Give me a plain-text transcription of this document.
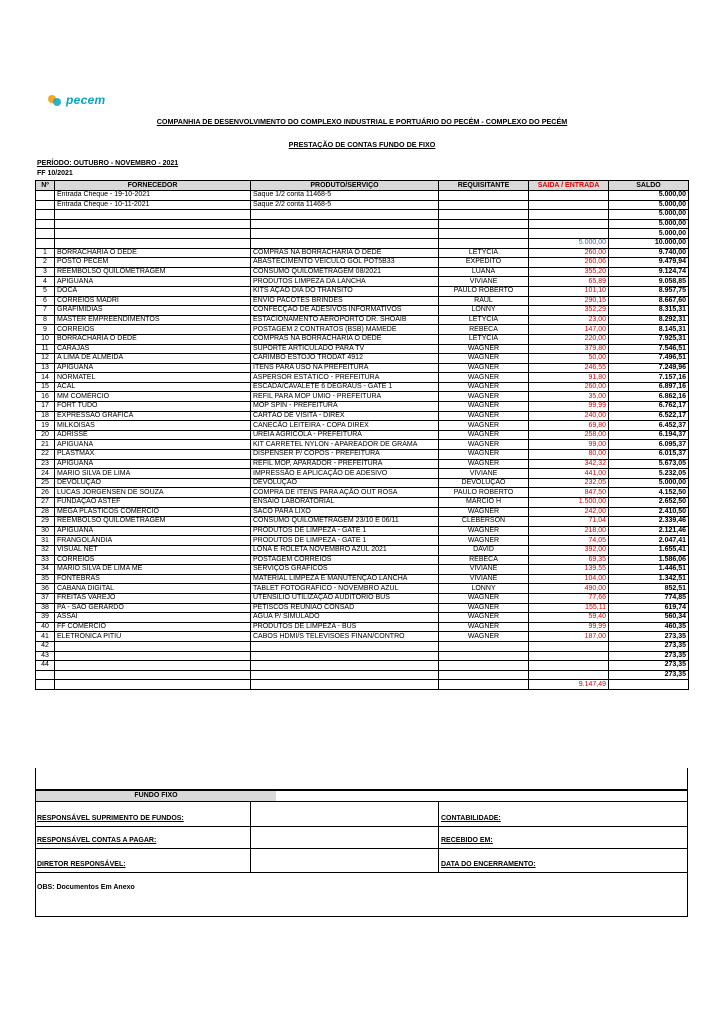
pecem
COMPANHIA DE DESENVOLVIMENTO DO COMPLEXO INDUSTRIAL E PORTUÁRIO DO PECÉM - COMPLEXO DO PECÉM
PRESTAÇÃO DE CONTAS FUNDO DE FIXO
PERÍODO: OUTUBRO - NOVEMBRO - 2021
FF 10/2021
Nº	FORNECEDOR	PRODUTO/SERVIÇO	REQUISITANTE	SAIDA / ENTRADA	SALDO
	Entrada Cheque - 19-10-2021	Saque 1/2 conta 11468-5			5.000,00
	Entrada Cheque - 10-11-2021	Saque 2/2 conta 11468-5			5.000,00
					5.000,00
					5.000,00
					5.000,00
				5.000,00	10.000,00
1	BORRACHARIA O DEDÊ	COMPRAS NA BORRACHARIA O DEDÊ	LETYCIA	260,00	9.740,00
2	POSTO PECEM	ABASTECIMENTO VEÍCULO GOL POT5B33	EXPEDITO	260,06	9.479,94
3	REEMBOLSO QUILOMETRAGEM	CONSUMO QUILOMETRAGEM 08/2021	LUANA	355,20	9.124,74
4	APIGUANA	PRODUTOS LIMPEZA DA LANCHA	VIVIANE	65,89	9.058,85
5	DOCA	KITS AÇÃO DIA DO TRANSITO	PAULO ROBERTO	101,10	8.957,75
6	CORREIOS MADRI	ENVIO PACOTES BRINDES	RAUL	290,15	8.667,60
7	GRAFIMIDIAS	CONFECÇÃO DE ADESIVOS INFORMATIVOS	LONNY	352,29	8.315,31
8	MASTER EMPREENDIMENTOS	ESTACIONAMENTO AEROPORTO DR. SHOAIB	LETYCIA	23,00	8.292,31
9	CORREIOS	POSTAGEM 2 CONTRATOS (BSB) MAMEDE	REBECA	147,00	8.145,31
10	BORRACHARIA O DEDÊ	COMPRAS NA BORRACHARIA O DEDÊ	LETYCIA	220,00	7.925,31
11	CARAJAS	SUPORTE ARTICULADO PARA TV	WAGNER	379,80	7.546,51
12	A LIMA DE ALMEIDA	CARIMBO ESTOJO TRODAT 4912	WAGNER	50,00	7.496,51
13	APIGUANA	ITENS PARA USO NA PREFEITURA	WAGNER	246,55	7.249,96
14	NORMATEL	ASPERSOR ESTÁTICO - PREFEITURA	WAGNER	91,80	7.157,16
15	ACAL	ESCADA/CAVALETE 6 DEGRAUS - GATE 1	WAGNER	260,00	6.897,16
16	MM COMÉRCIO	REFIL PARA MOP ÚMIO - PREFEITURA	WAGNER	35,00	6.862,16
17	FORT TUDO	MOP SPIN - PREFEITURA	WAGNER	99,99	6.762,17
18	EXPRESSÃO GRÁFICA	CARTÃO DE VISITA - DIREX	WAGNER	240,00	6.522,17
19	MILKOISAS	CANECÃO LEITEIRA - COPA DIREX	WAGNER	69,80	6.452,37
20	ADRISSE	UREIA AGRÍCOLA - PREFEITURA	WAGNER	258,00	6.194,37
21	APIGUANA	KIT CARRETEL NYLON - APAREADOR DE GRAMA	WAGNER	99,00	6.095,37
22	PLASTMAX	DISPENSER P/ COPOS - PREFEITURA	WAGNER	80,00	6.015,37
23	APIGUANA	REFIL MOP, APARADOR - PREFEITURA	WAGNER	342,32	5.673,05
24	MARIO SILVA DE LIMA	IMPRESSÃO E APLICAÇÃO DE ADESIVO	VIVIANE	441,00	5.232,05
25	DEVOLUÇÃO	DEVOLUÇÃO	DEVOLUÇÃO	232,05	5.000,00
26	LUCAS JORGENSEN DE SOUZA	COMPRA DE ITENS PARA AÇÃO OUT ROSA	PAULO ROBERTO	847,50	4.152,50
27	FUNDAÇÃO ASTEF	ENSAIO LABORATORIAL	MARCIO H	1.500,00	2.652,50
28	MEGA PLÁSTICOS COMÉRCIO	SACO PARA LIXO	WAGNER	242,00	2.410,50
29	REEMBOLSO QUILOMETRAGEM	CONSUMO QUILOMETRAGEM 23/10 E 06/11	CLEBERSON	71,04	2.339,46
30	APIGUANA	PRODUTOS DE LIMPEZA - GATE 1	WAGNER	218,00	2.121,46
31	FRANGOLÂNDIA	PRODUTOS DE LIMPEZA - GATE 1	WAGNER	74,05	2.047,41
32	VISUAL NET	LONA E ROLETA NOVEMBRO AZUL 2021	DAVID	392,00	1.655,41
33	CORREIOS	POSTAGEM CORREIOS	REBECA	69,35	1.586,06
34	MARIO SILVA DE LIMA ME	SERVIÇOS GRÁFICOS	VIVIANE	139,55	1.446,51
35	FONTEBRAS	MATERIAL LIMPEZA E MANUTENÇÃO LANCHA	VIVIANE	104,00	1.342,51
36	CABANA DIGITAL	TABLET FOTOGRÁFICO - NOVEMBRO AZUL	LONNY	490,00	852,51
37	FREITAS VAREJO	UTENSÍLIO UTILIZAÇÃO AUDITÓRIO BUS	WAGNER	77,66	774,85
38	PA - SÃO GERARDO	PETISCOS REUNIÃO CONSAD	WAGNER	155,11	619,74
39	ASSAÍ	ÁGUA P/ SIMULADO	WAGNER	59,40	560,34
40	FF COMÉRCIO	PRODUTOS DE LIMPEZA - BUS	WAGNER	99,99	460,35
41	ELETRÔNICA PITIÚ	CABOS HDMI/S TELEVISOES FINAN/CONTRO	WAGNER	187,00	273,35
42					273,35
43					273,35
44					273,35
					273,35
				9.147,49	
FUNDO FIXO
RESPONSÁVEL SUPRIMENTO DE FUNDOS:	CONTABILIDADE:
RESPONSÁVEL CONTAS A PAGAR:	RECEBIDO EM:
DIRETOR RESPONSÁVEL:	DATA DO ENCERRAMENTO:
OBS: Documentos Em Anexo
